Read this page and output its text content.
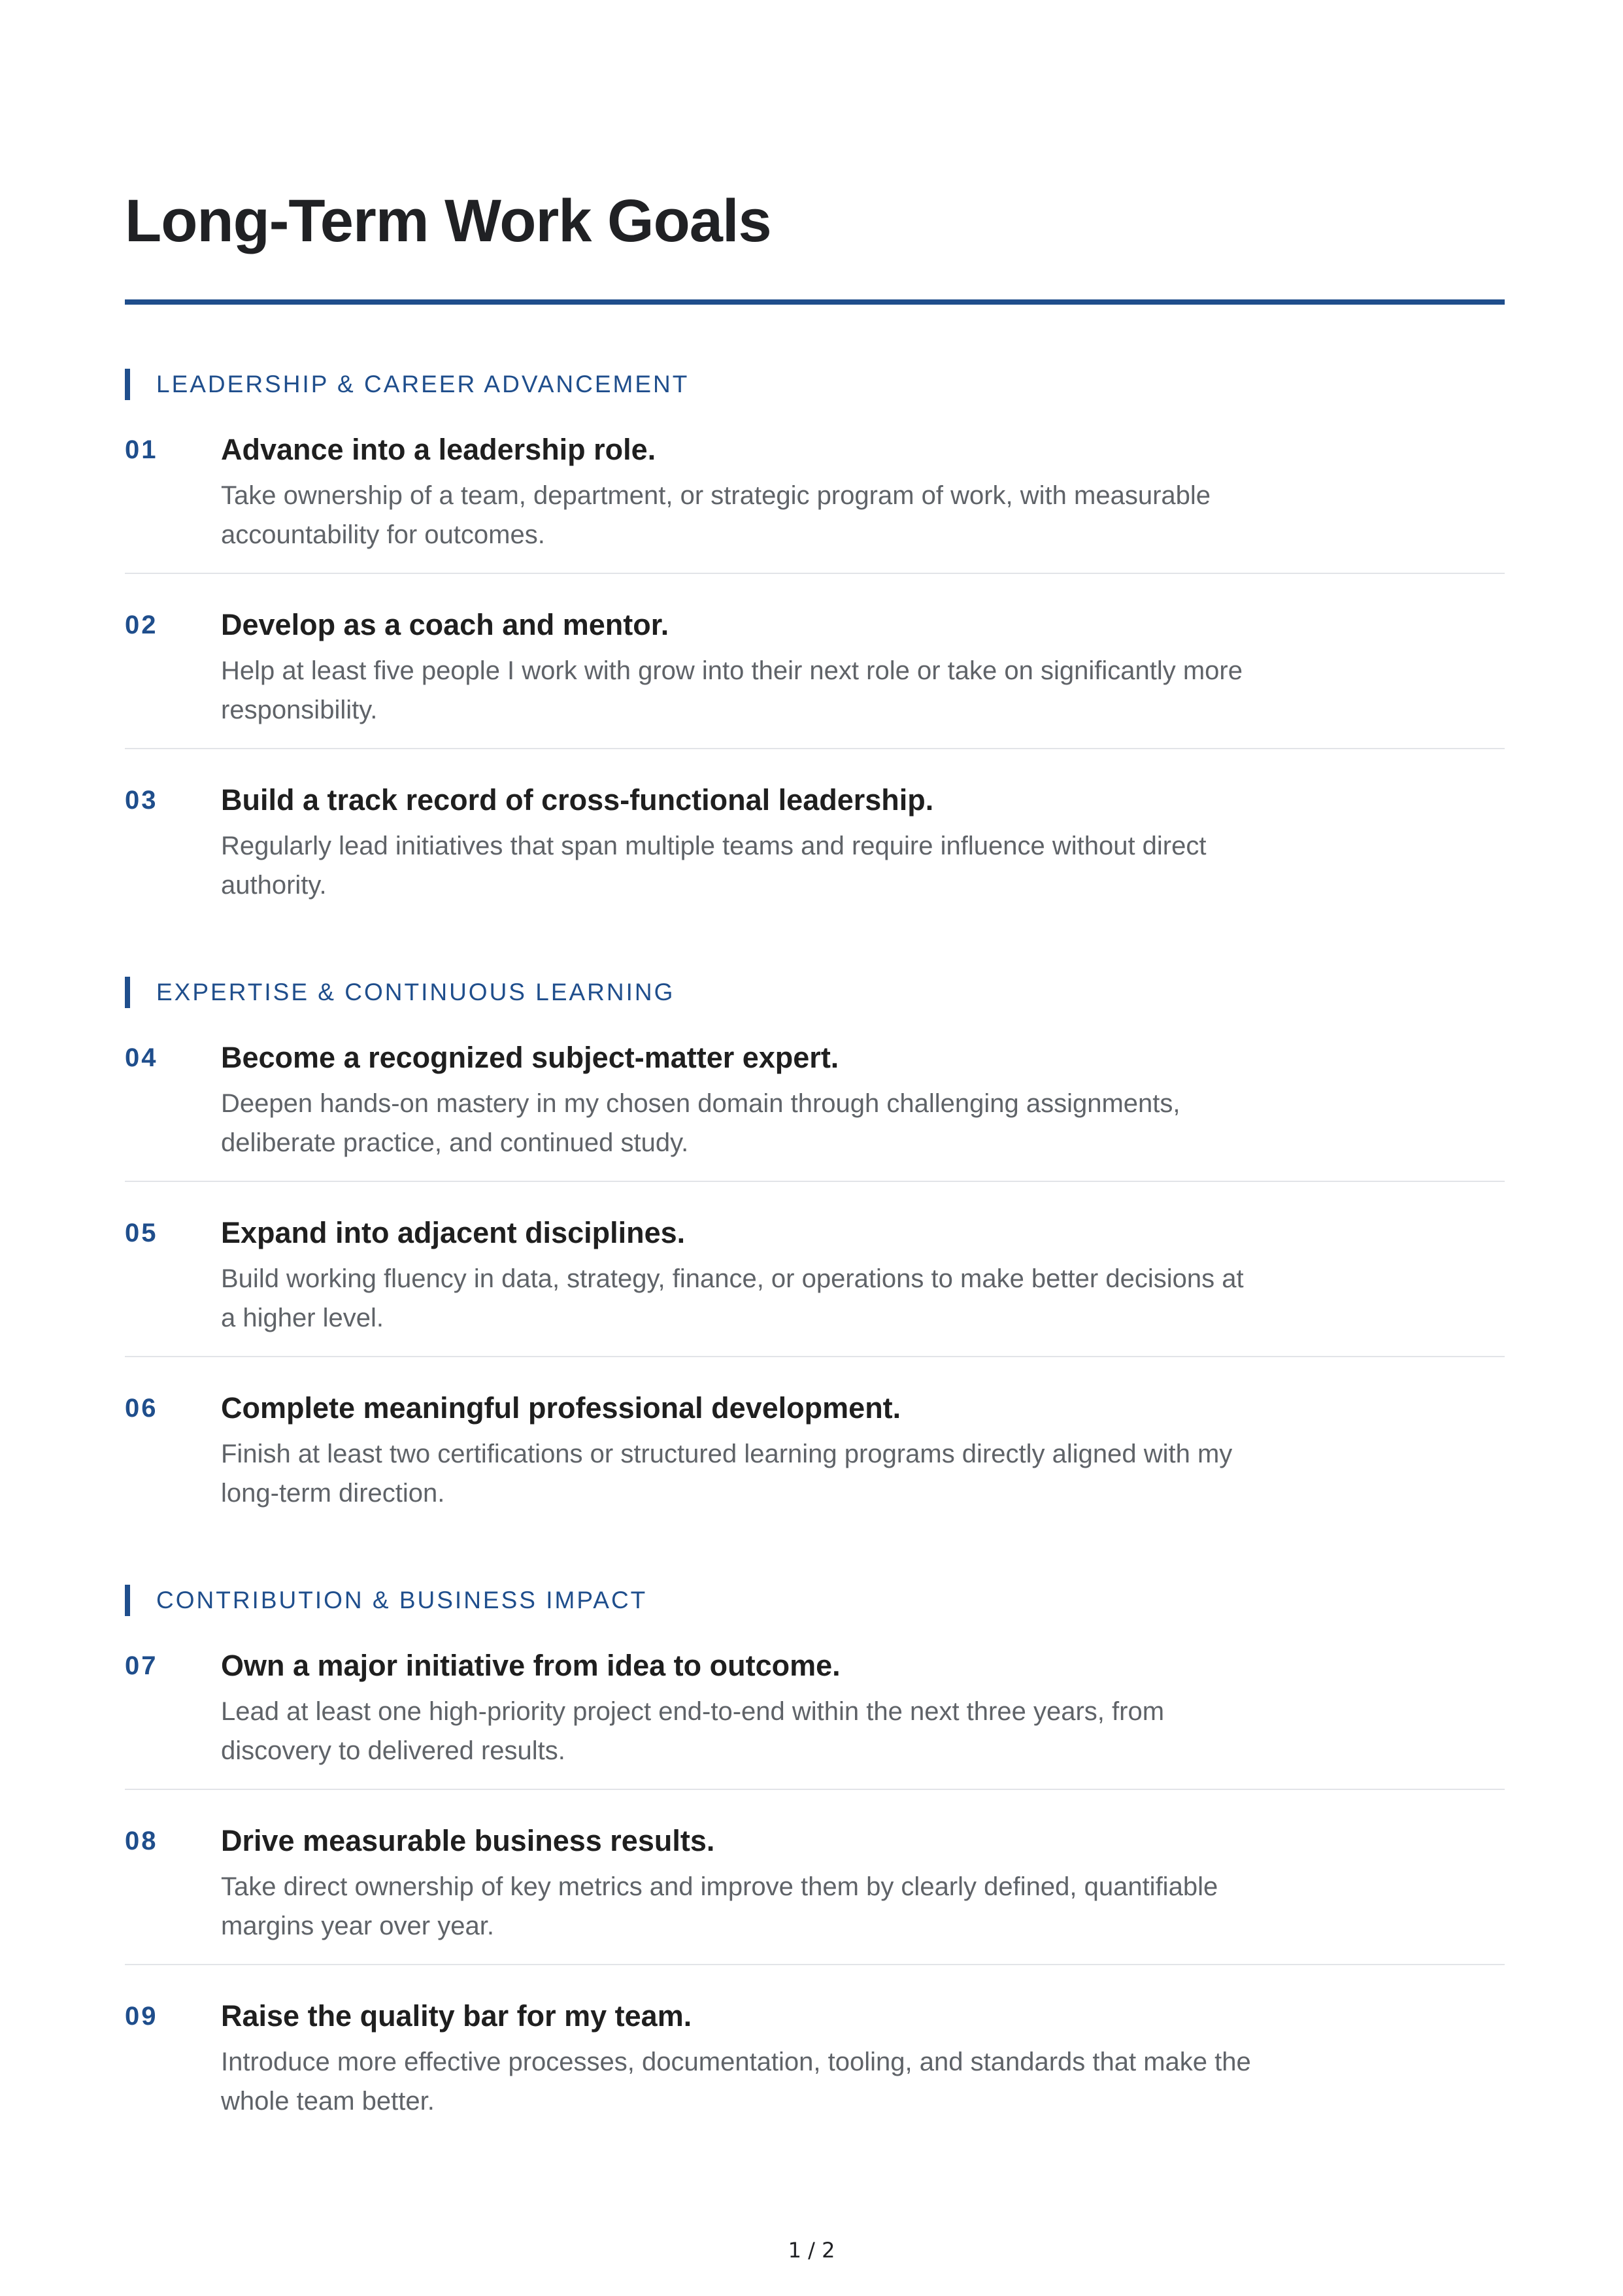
Long-Term Work Goals
LEADERSHIP & CAREER ADVANCEMENT
01 Advance into a leadership role.
Take ownership of a team, department, or strategic program of work, with measurable accountability for outcomes.
02 Develop as a coach and mentor.
Help at least five people I work with grow into their next role or take on significantly more responsibility.
03 Build a track record of cross-functional leadership.
Regularly lead initiatives that span multiple teams and require influence without direct authority.
EXPERTISE & CONTINUOUS LEARNING
04 Become a recognized subject-matter expert.
Deepen hands-on mastery in my chosen domain through challenging assignments, deliberate practice, and continued study.
05 Expand into adjacent disciplines.
Build working fluency in data, strategy, finance, or operations to make better decisions at a higher level.
06 Complete meaningful professional development.
Finish at least two certifications or structured learning programs directly aligned with my long-term direction.
CONTRIBUTION & BUSINESS IMPACT
07 Own a major initiative from idea to outcome.
Lead at least one high-priority project end-to-end within the next three years, from discovery to delivered results.
08 Drive measurable business results.
Take direct ownership of key metrics and improve them by clearly defined, quantifiable margins year over year.
09 Raise the quality bar for my team.
Introduce more effective processes, documentation, tooling, and standards that make the whole team better.
1 / 2
